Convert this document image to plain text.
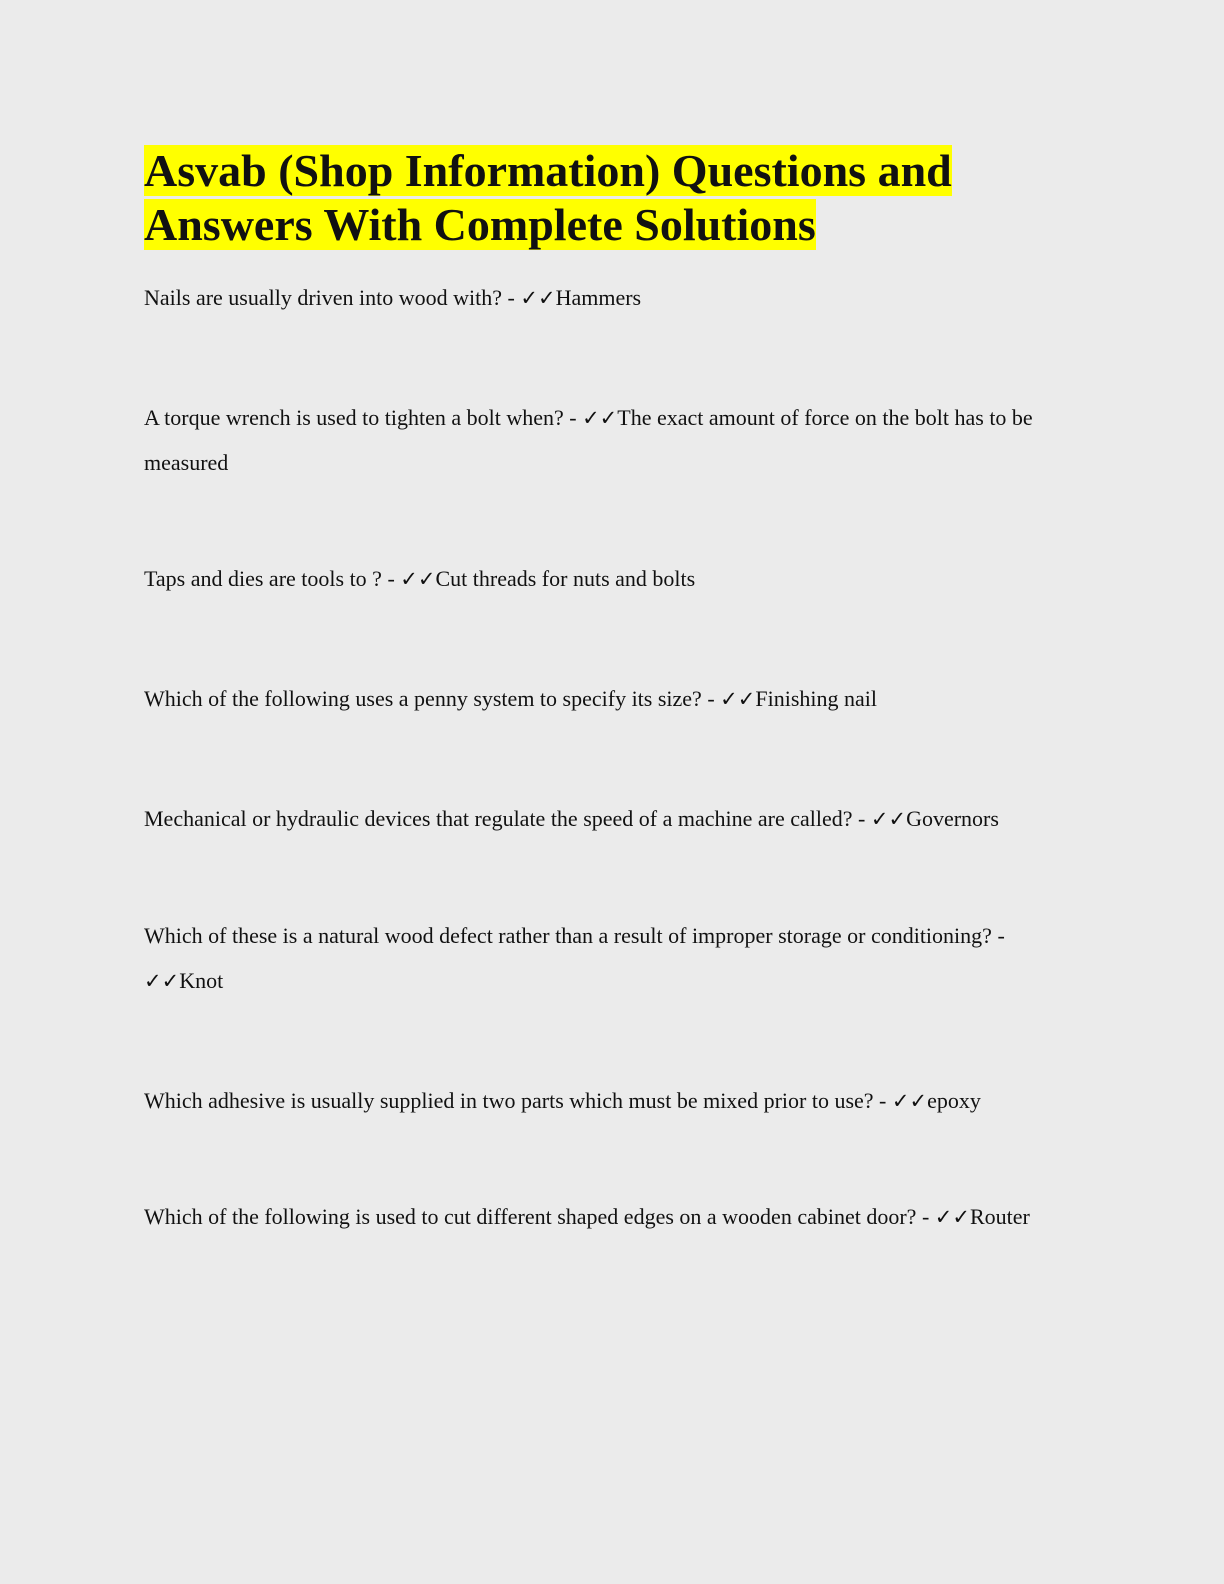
Asvab (Shop Information) Questions and Answers With Complete Solutions

Nails are usually driven into wood with? - ✓✓Hammers

A torque wrench is used to tighten a bolt when? - ✓✓The exact amount of force on the bolt has to be measured

Taps and dies are tools to ? - ✓✓Cut threads for nuts and bolts

Which of the following uses a penny system to specify its size? - ✓✓Finishing nail

Mechanical or hydraulic devices that regulate the speed of a machine are called? - ✓✓Governors

Which of these is a natural wood defect rather than a result of improper storage or conditioning? - ✓✓Knot

Which adhesive is usually supplied in two parts which must be mixed prior to use? - ✓✓epoxy

Which of the following is used to cut different shaped edges on a wooden cabinet door? - ✓✓Router
